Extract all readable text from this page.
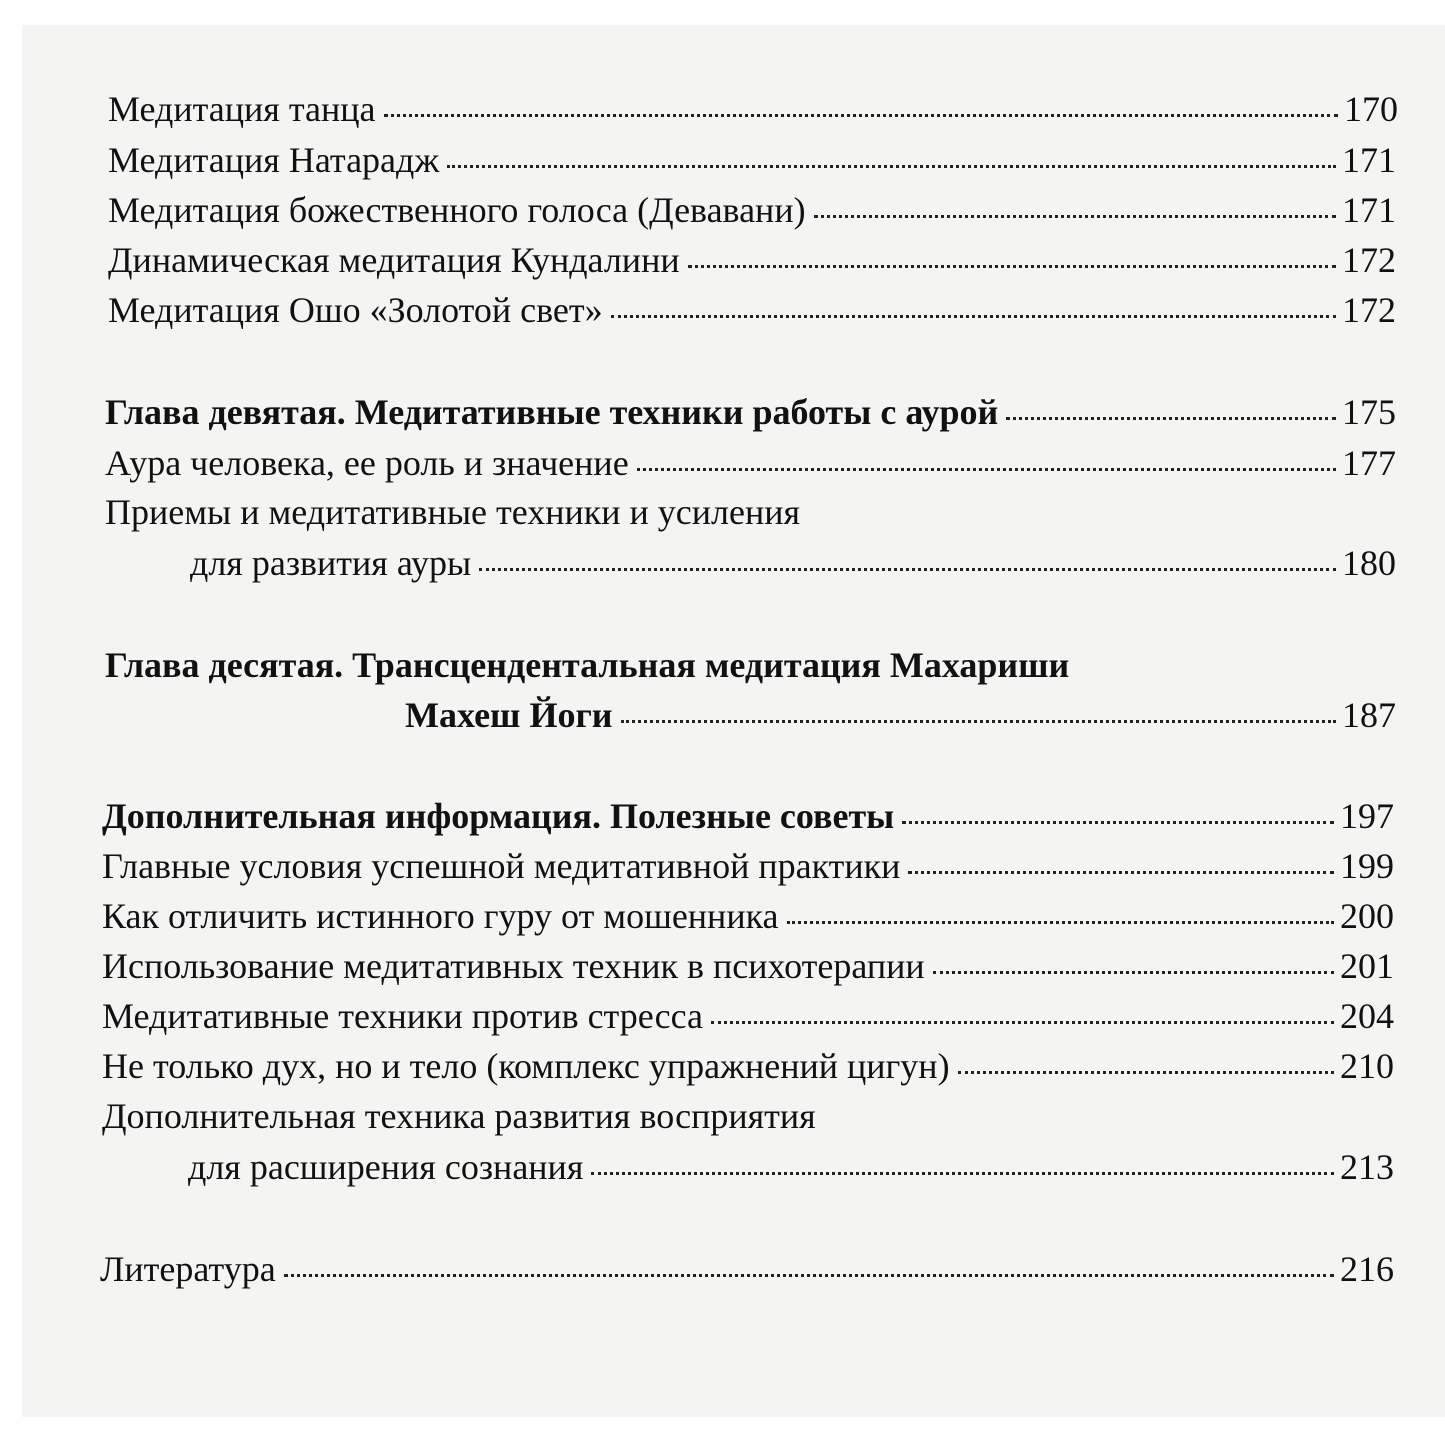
Медитация танца	170
Медитация Натарадж	171
Медитация божественного голоса (Девавани)	171
Динамическая медитация Кундалини	172
Медитация Ошо «Золотой свет»	172
Глава девятая. Медитативные техники работы с аурой	175
Аура человека, ее роль и значение	177
Приемы и медитативные техники и усиления
для развития ауры	180
Глава десятая. Трансцендентальная медитация Махариши
Махеш Йоги	187
Дополнительная информация. Полезные советы	197
Главные условия успешной медитативной практики	199
Как отличить истинного гуру от мошенника	200
Использование медитативных техник в психотерапии	201
Медитативные техники против стресса	204
Не только дух, но и тело (комплекс упражнений цигун)	210
Дополнительная техника развития восприятия
для расширения сознания	213
Литература	216
